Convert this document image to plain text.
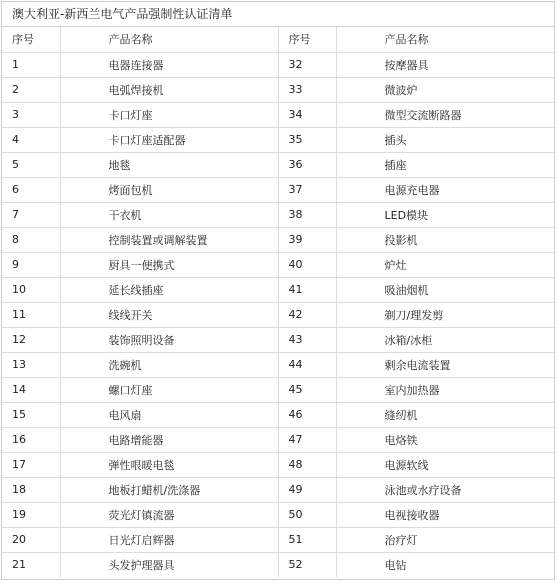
澳大利亚-新西兰电气产品强制性认证清单
序号	产品名称	序号	产品名称
1	电器连接器	32	按摩器具
2	电弧焊接机	33	微波炉
3	卡口灯座	34	微型交流断路器
4	卡口灯座适配器	35	插头
5	地毯	36	插座
6	烤面包机	37	电源充电器
7	干衣机	38	LED模块
8	控制装置或调解装置	39	投影机
9	厨具一便携式	40	炉灶
10	延长线插座	41	吸油烟机
11	线线开关	42	剃刀/理发剪
12	装饰照明设备	43	冰箱/冰柜
13	洗碗机	44	剩余电流装置
14	螺口灯座	45	室内加热器
15	电风扇	46	缝纫机
16	电路增能器	47	电烙铁
17	弹性哏暖电毯	48	电源软线
18	地板打蜡机/洗涤器	49	泳池或水疗设备
19	荧光灯镇流器	50	电视接收器
20	日光灯启辉器	51	治疗灯
21	头发护理器具	52	电钻
